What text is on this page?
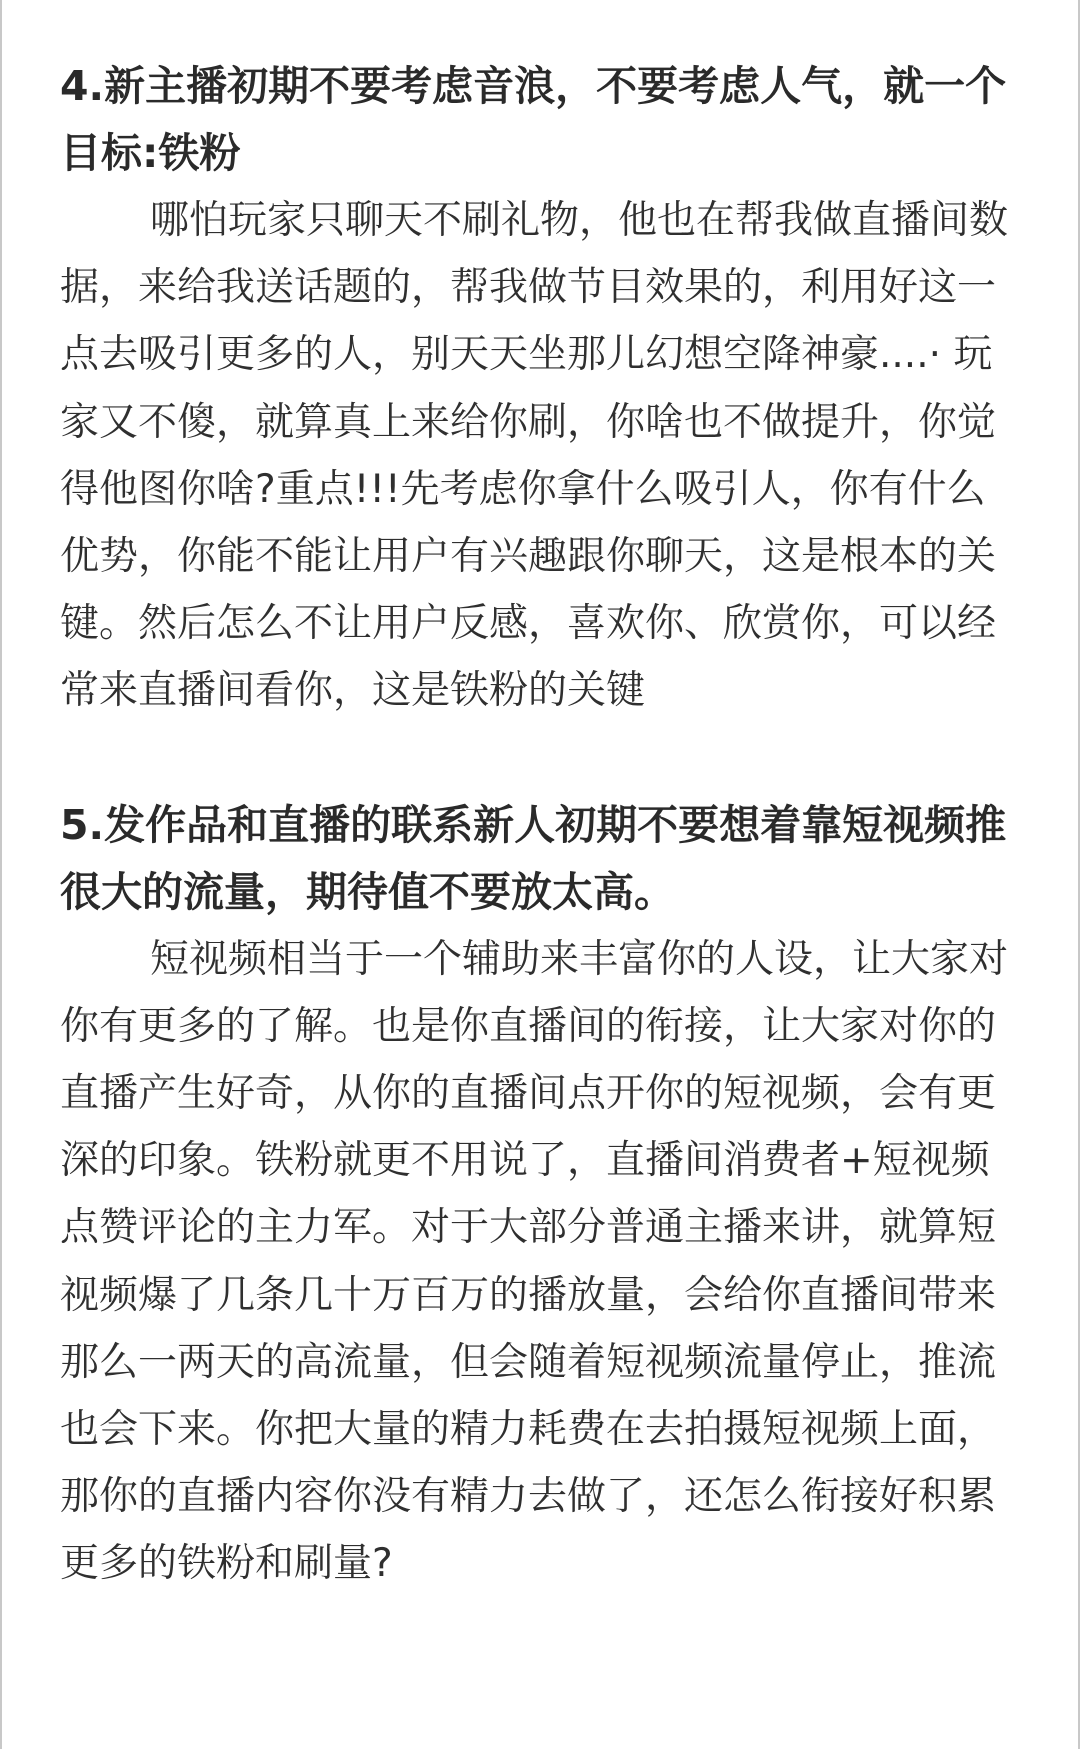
4.新主播初期不要考虑音浪，不要考虑人气，就一个目标:铁粉

哪怕玩家只聊天不刷礼物，他也在帮我做直播间数据，来给我送话题的，帮我做节目效果的，利用好这一点去吸引更多的人，别天天坐那儿幻想空降神豪....· 玩家又不傻，就算真上来给你刷，你啥也不做提升，你觉得他图你啥?重点!!!先考虑你拿什么吸引人，你有什么优势，你能不能让用户有兴趣跟你聊天，这是根本的关键。然后怎么不让用户反感，喜欢你、欣赏你，可以经常来直播间看你，这是铁粉的关键

5.发作品和直播的联系新人初期不要想着靠短视频推很大的流量，期待值不要放太高。

短视频相当于一个辅助来丰富你的人设，让大家对你有更多的了解。也是你直播间的衔接，让大家对你的直播产生好奇，从你的直播间点开你的短视频，会有更深的印象。铁粉就更不用说了，直播间消费者+短视频点赞评论的主力军。对于大部分普通主播来讲，就算短视频爆了几条几十万百万的播放量，会给你直播间带来那么一两天的高流量，但会随着短视频流量停止，推流也会下来。你把大量的精力耗费在去拍摄短视频上面，那你的直播内容你没有精力去做了，还怎么衔接好积累更多的铁粉和刷量?
